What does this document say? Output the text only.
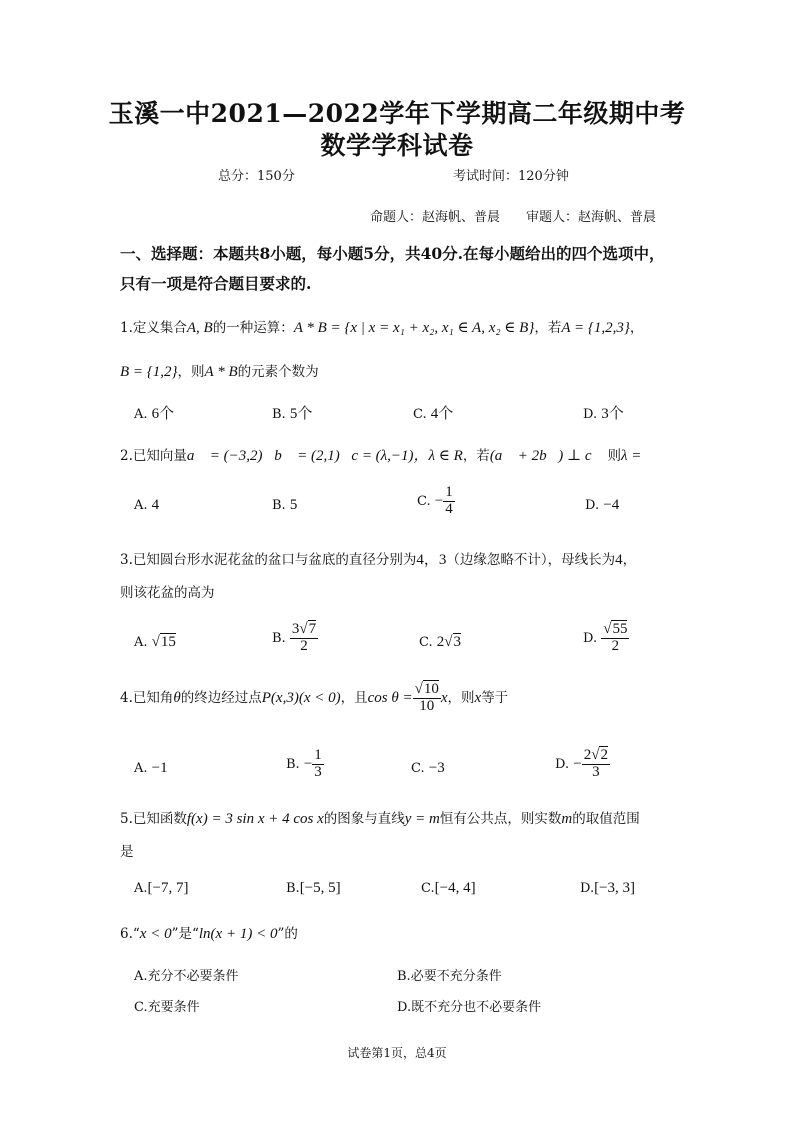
玉溪一中2021—2022学年下学期高二年级期中考
数学学科试卷
总分：150分	考试时间：120分钟
命题人：赵海帆、普晨　　审题人：赵海帆、普晨
一、选择题：本题共8小题，每小题5分，共40分.在每小题给出的四个选项中，
只有一项是符合题目要求的.
1.定义集合A, B的一种运算：A * B = {x | x = x₁ + x₂, x₁ ∈ A, x₂ ∈ B}，若A = {1,2,3}，
B = {1,2}，则A * B的元素个数为
A. 6个	B. 5个	C. 4个	D. 3个
2.已知向量a⃗ = (−3,2)，b⃗ = (2,1)，c = (λ,−1)，λ ∈ R，若(a⃗ + 2b⃗) ⊥ c⃗ 则λ =
A. 4	B. 5	C. − $\frac{1}{4}$	D. −4
3.已知圆台形水泥花盆的盆口与盆底的直径分别为4，3（边缘忽略不计），母线长为4，
则该花盆的高为
A. √15	B. $\frac{3√7}{2}$	C. 2√3	D. $\frac{√55}{2}$
4.已知角θ的终边经过点P(x,3)(x < 0)，且$\cos \theta = \frac{√10}{10}$ x，则x等于
A. −1	B. − $\frac{1}{3}$	C. −3	D. − $\frac{2√2}{3}$
5.已知函数f(x) = 3 sin x + 4 cos x的图象与直线y = m恒有公共点，则实数m的取值范围
是
A.[−7, 7]	B.[−5, 5]	C.[−4, 4]	D.[−3, 3]
6.“x < 0”是“ln(x + 1) < 0”的
A.充分不必要条件	B.必要不充分条件
C.充要条件	D.既不充分也不必要条件
试卷第1页，总4页
